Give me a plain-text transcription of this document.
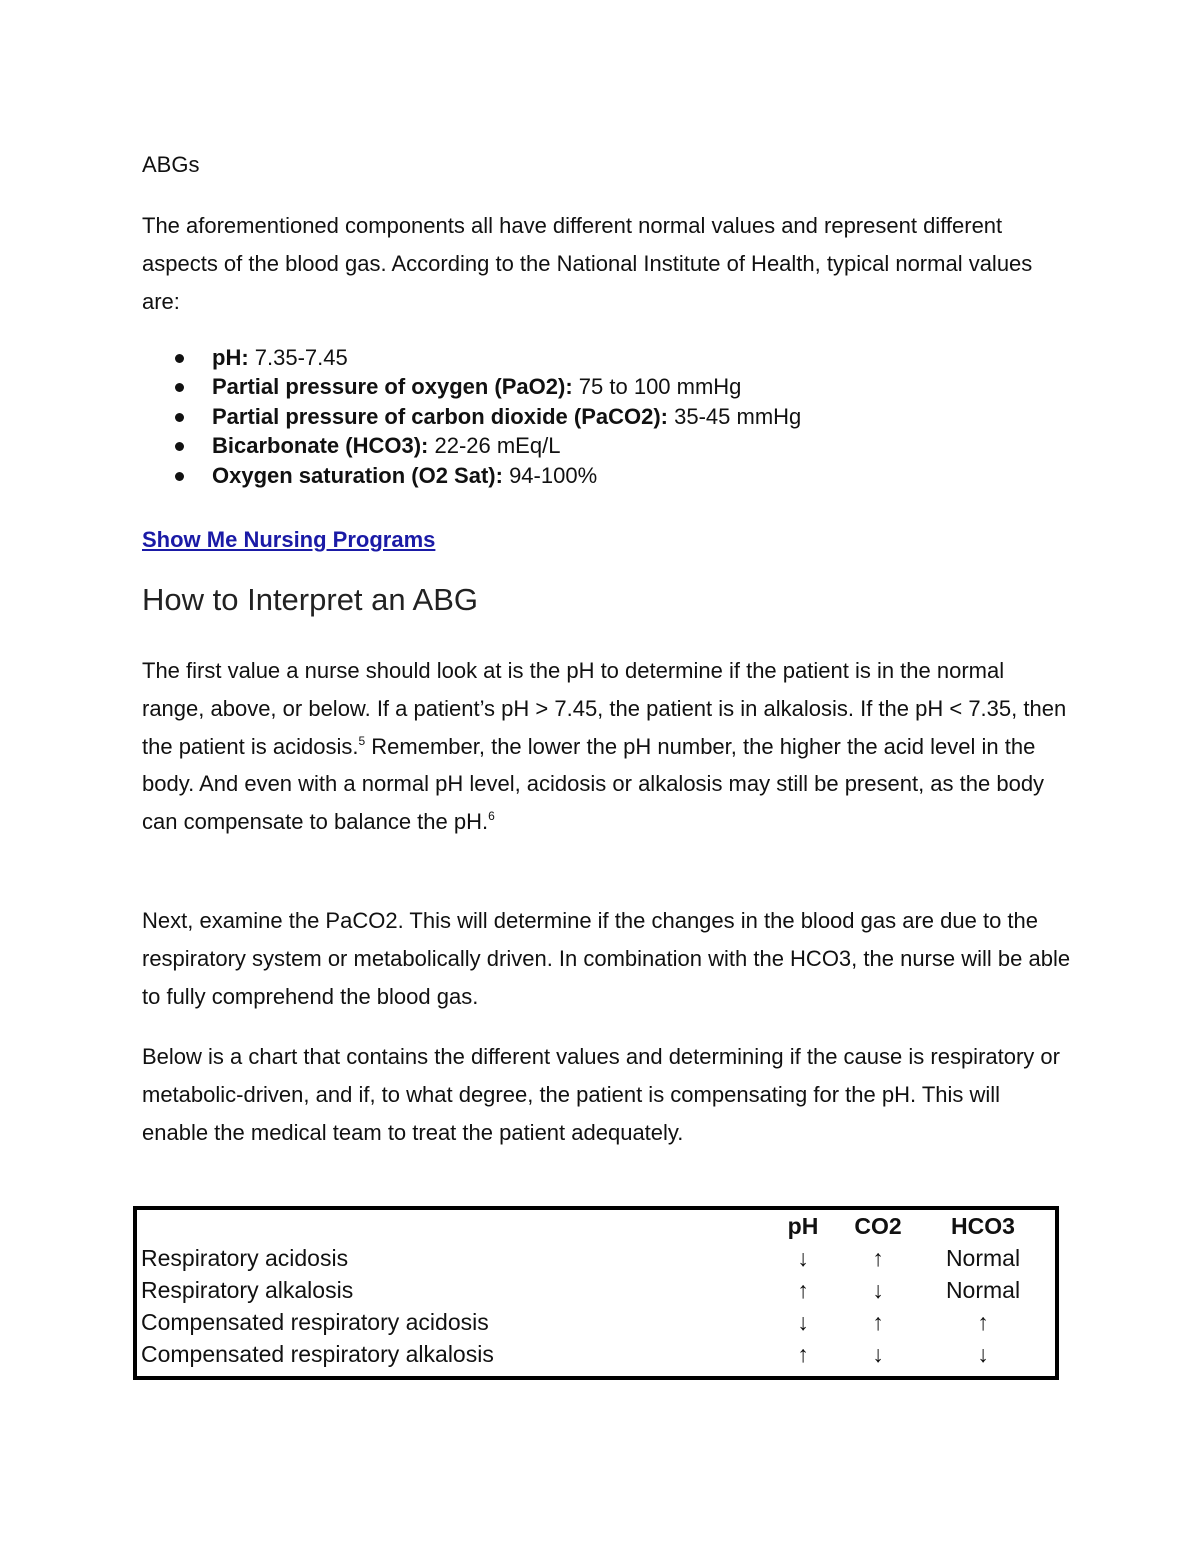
ABGs

The aforementioned components all have different normal values and represent different aspects of the blood gas. According to the National Institute of Health, typical normal values are:

pH: 7.35-7.45
Partial pressure of oxygen (PaO2): 75 to 100 mmHg
Partial pressure of carbon dioxide (PaCO2): 35-45 mmHg
Bicarbonate (HCO3): 22-26 mEq/L
Oxygen saturation (O2 Sat): 94-100%
Show Me Nursing Programs
How to Interpret an ABG

The first value a nurse should look at is the pH to determine if the patient is in the normal range, above, or below. If a patient’s pH > 7.45, the patient is in alkalosis. If the pH < 7.35, then the patient is acidosis.$^5$ Remember, the lower the pH number, the higher the acid level in the body. And even with a normal pH level, acidosis or alkalosis may still be present, as the body can compensate to balance the pH.$^6$

Next, examine the PaCO2. This will determine if the changes in the blood gas are due to the respiratory system or metabolically driven. In combination with the HCO3, the nurse will be able to fully comprehend the blood gas.

Below is a chart that contains the different values and determining if the cause is respiratory or metabolic-driven, and if, to what degree, the patient is compensating for the pH. This will enable the medical team to treat the patient adequately.

	pH	CO2	HCO3
Respiratory acidosis	↓	↑	Normal
Respiratory alkalosis	↑	↓	Normal
Compensated respiratory acidosis	↓	↑	↑
Compensated respiratory alkalosis	↑	↓	↓
